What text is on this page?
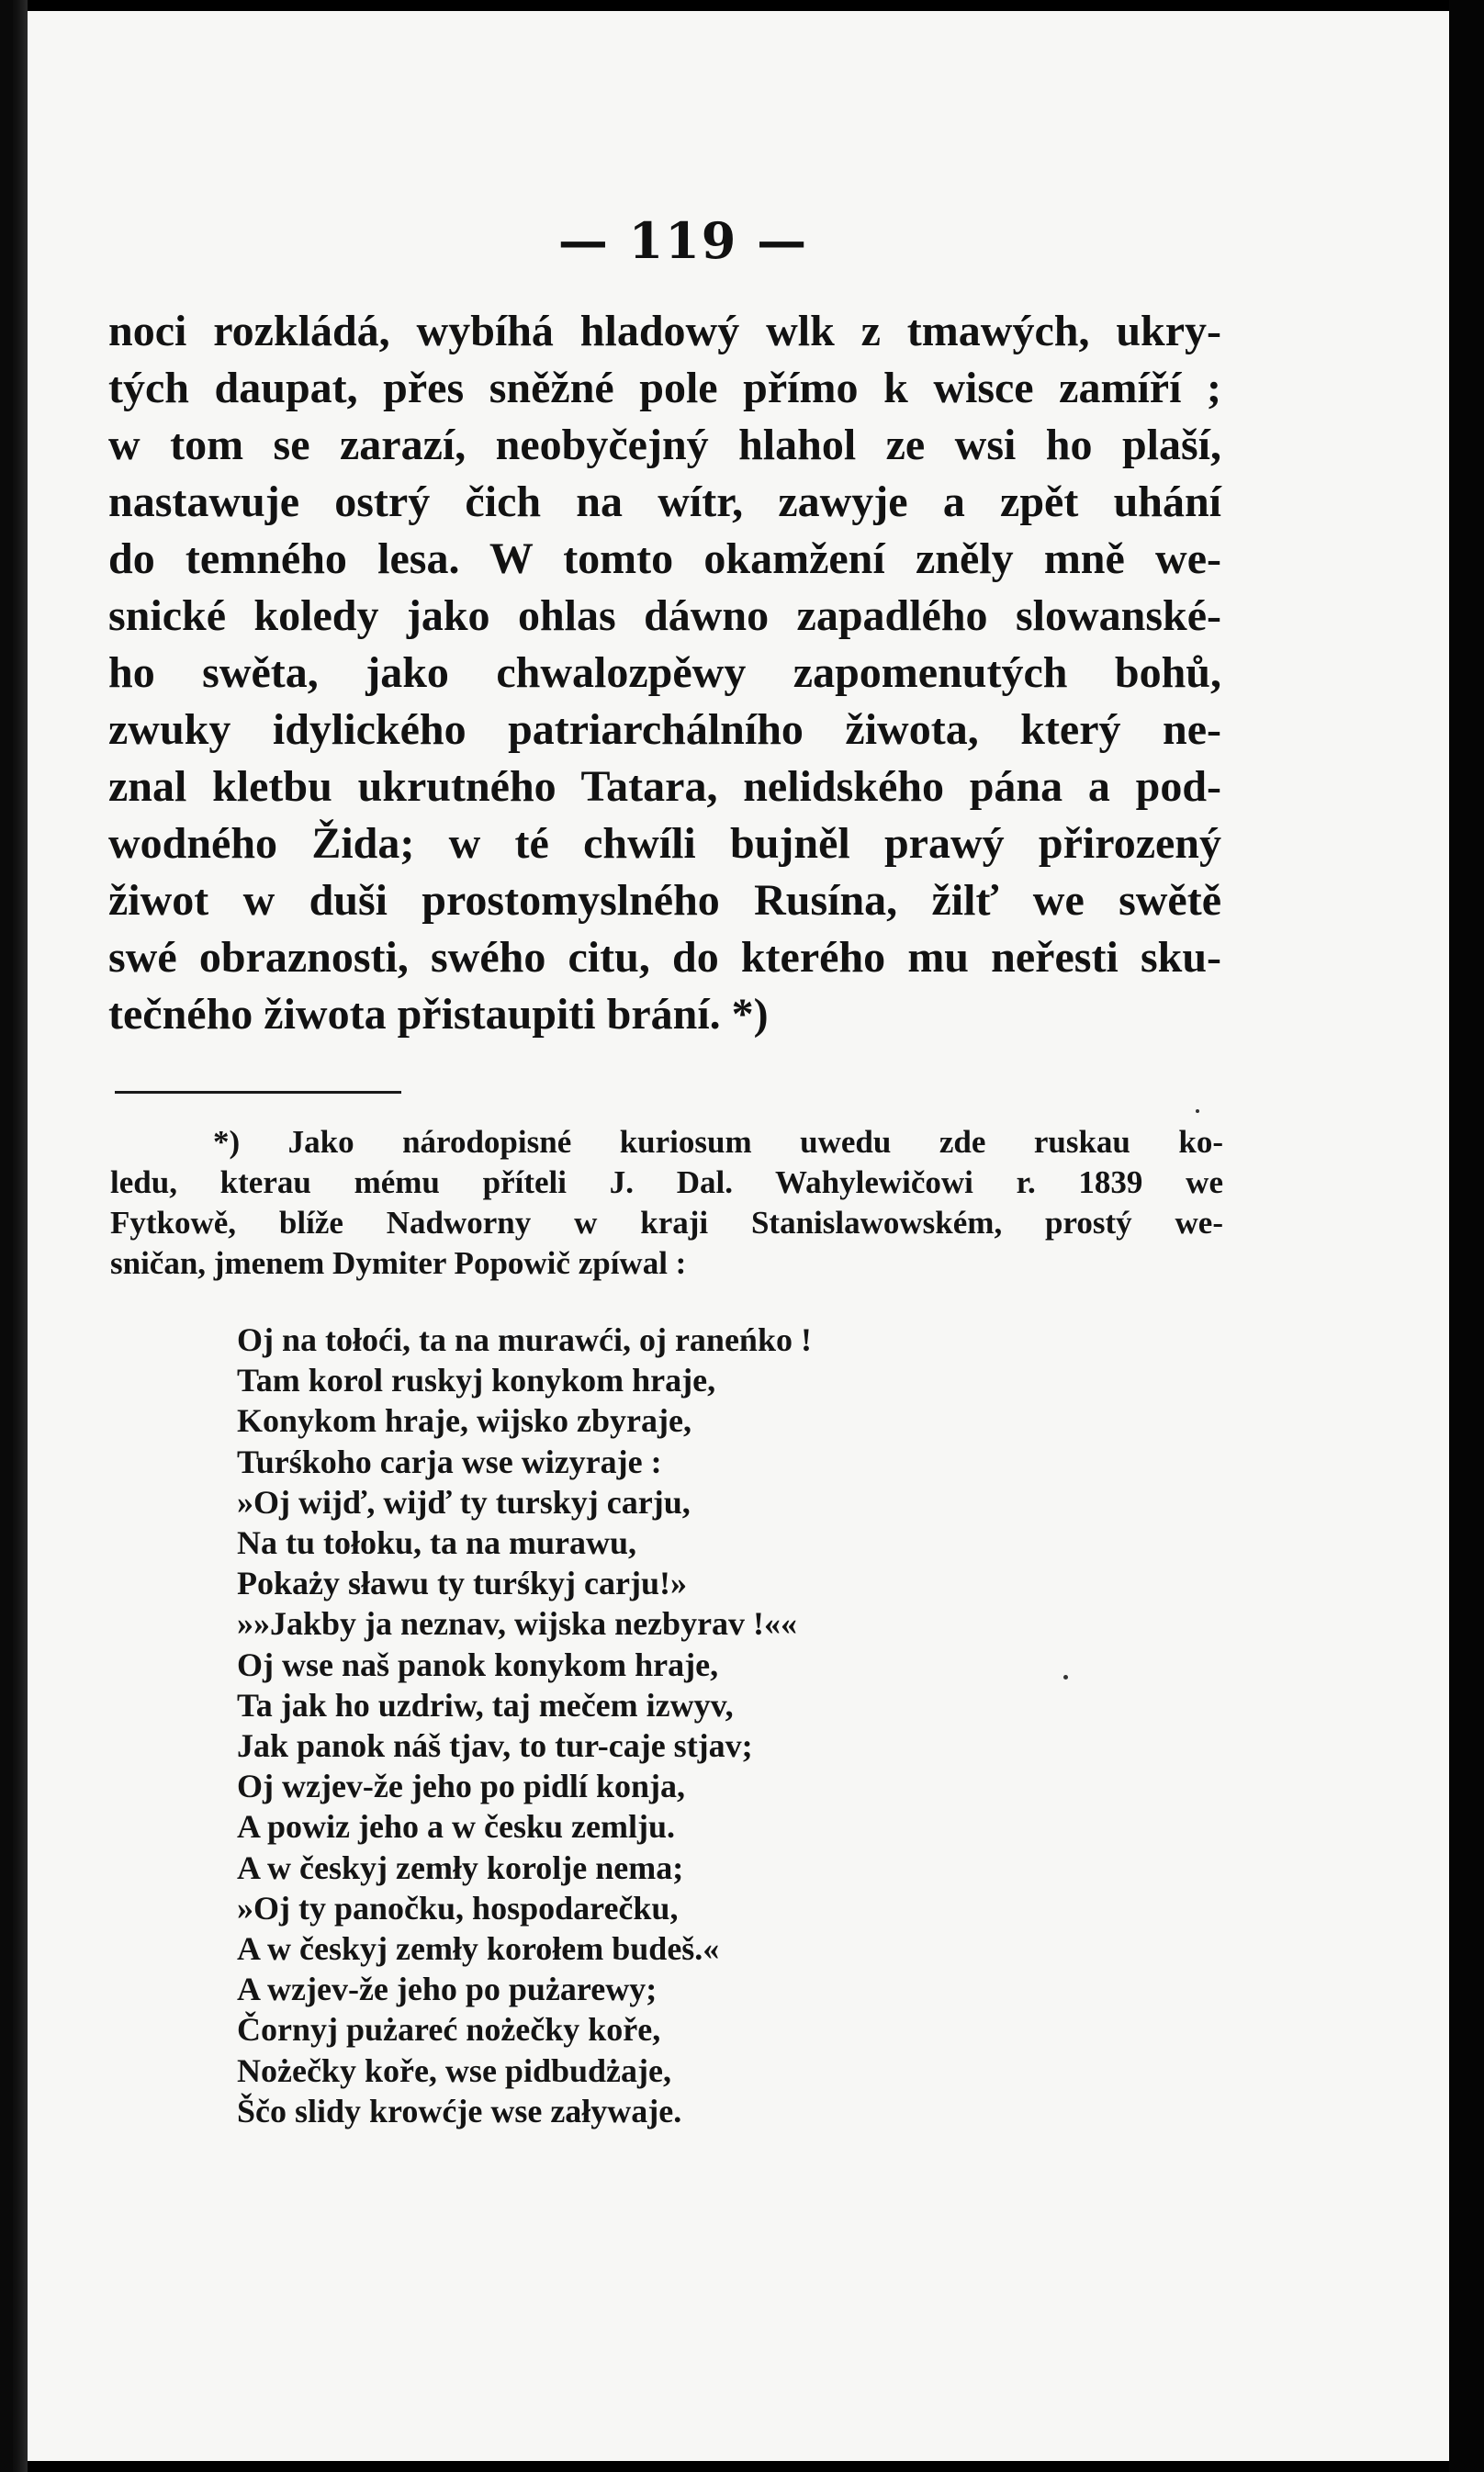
— 119 —
noci rozkládá, wybíhá hladowý wlk z tmawých, ukry-
tých daupat, přes sněžné pole přímo k wisce zamíří ;
w tom se zarazí, neobyčejný hlahol ze wsi ho plaší,
nastawuje ostrý čich na wítr, zawyje a zpět uhání
do temného lesa. W tomto okamžení zněly mně we-
snické koledy jako ohlas dáwno zapadlého slowanské-
ho swěta, jako chwalozpěwy zapomenutých bohů,
zwuky idylického patriarchálního žiwota, který ne-
znal kletbu ukrutného Tatara, nelidského pána a pod-
wodného Žida; w té chwíli bujněl prawý přirozený
žiwot w duši prostomyslného Rusína, žilť we swětě
swé obraznosti, swého citu, do kterého mu neřesti sku-
tečného žiwota přistaupiti brání. *)
*) Jako národopisné kuriosum uwedu zde ruskau ko-
ledu, kterau mému příteli J. Dal. Wahylewičowi r. 1839 we
Fytkowě, blíže Nadworny w kraji Stanislawowském, prostý we-
sničan, jmenem Dymiter Popowič zpíwal :
Oj na tołoći, ta na murawći, oj raneńko !
Tam korol ruskyj konykom hraje,
Konykom hraje, wijsko zbyraje,
Turśkoho carja wse wizyraje :
»Oj wijď, wijď ty turskyj carju,
Na tu tołoku, ta na murawu,
Pokażу sławu ty turśkyj carju!»
»»Jakby ja neznav, wijska nezbyrav !««
Oj wse naš panok konykom hraje,
Ta jak ho uzdriw, taj mečem izwyv,
Jak panok náš tjav, to tur-caje stjav;
Oj wzjev-že jeho po pidlí konja,
A powiz jeho a w česku zemlju.
A w českyj zemły korolje nema;
»Oj ty panočku, hospodarečku,
A w českyj zemły korołem budeš.«
A wzjev-že jeho po pużarewy;
Čornyj pużareć nożečky koře,
Nożečky koře, wse pidbudżaje,
Ščo slidy krowćje wse załywaje.
